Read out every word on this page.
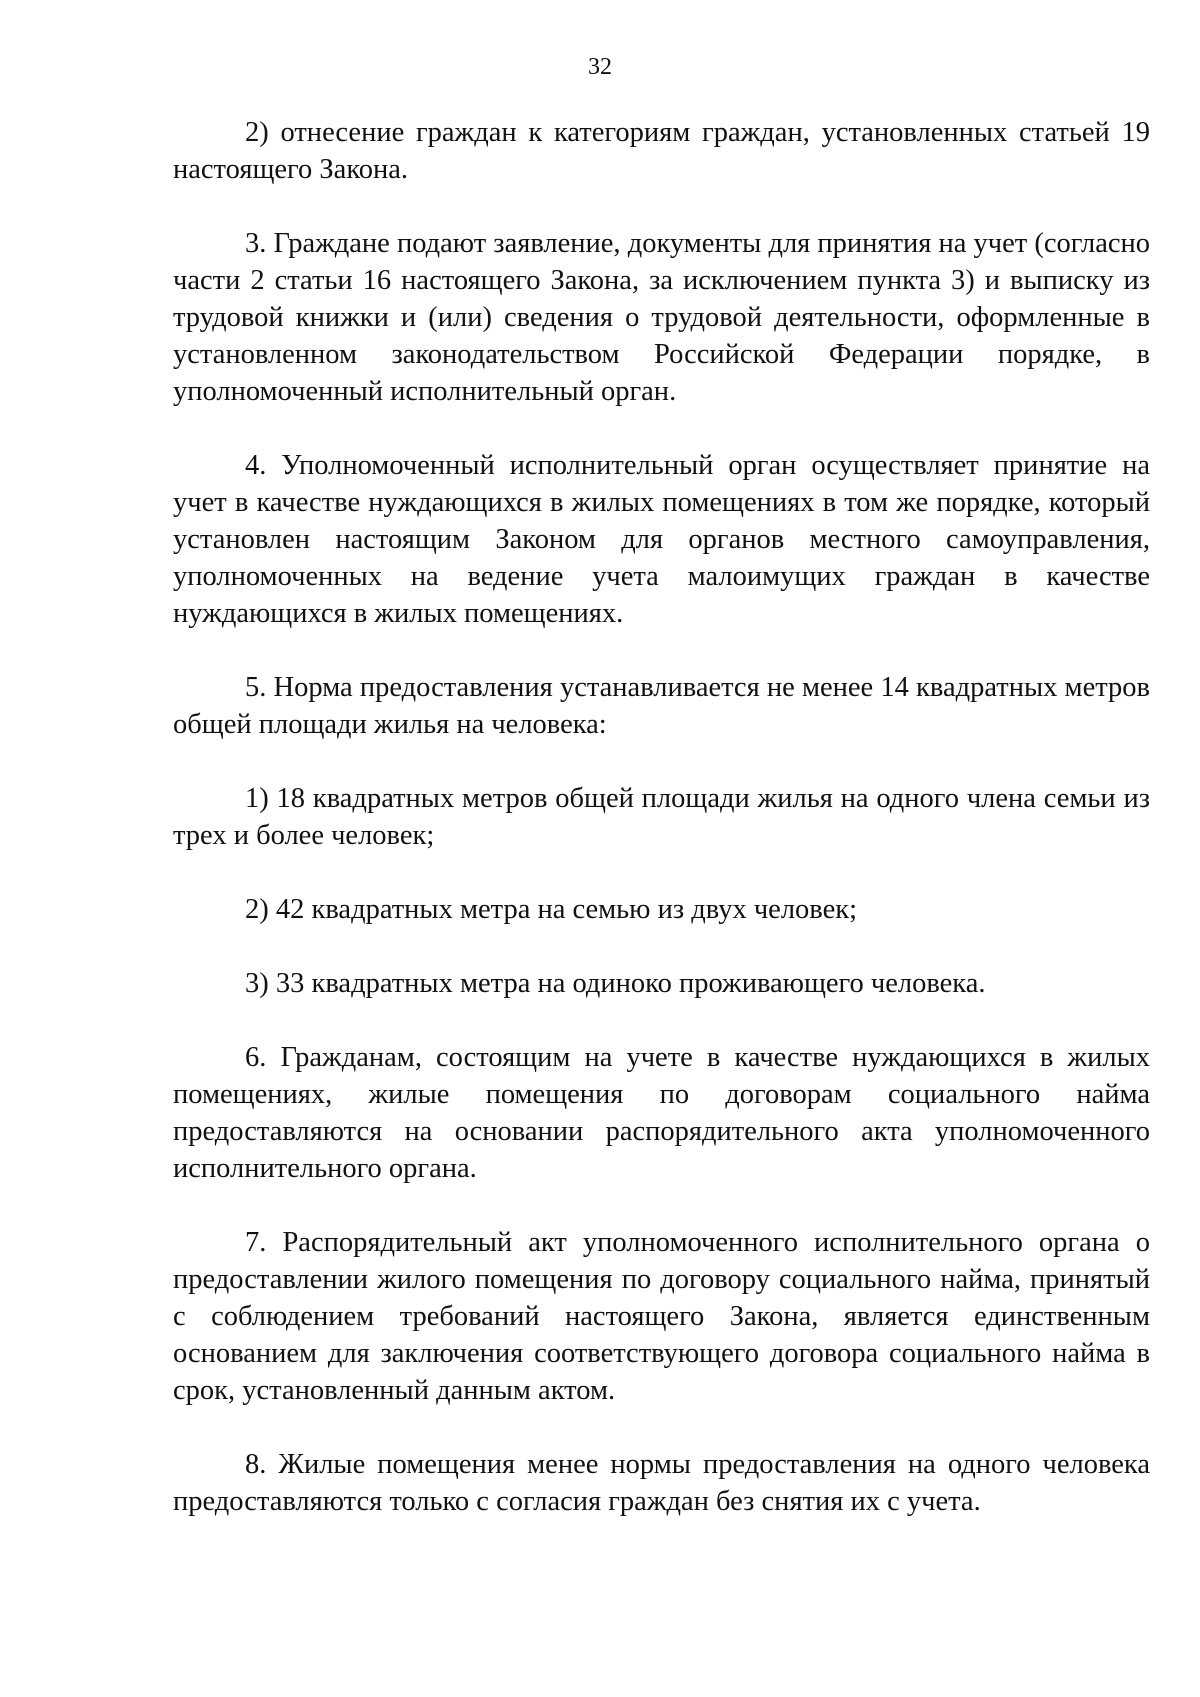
32

2) отнесение граждан к категориям граждан, установленных статьей 19 настоящего Закона.

3. Граждане подают заявление, документы для принятия на учет (согласно части 2 статьи 16 настоящего Закона, за исключением пункта 3) и выписку из трудовой книжки и (или) сведения о трудовой деятельности, оформленные в установленном законодательством Российской Федерации порядке, в уполномоченный исполнительный орган.

4. Уполномоченный исполнительный орган осуществляет принятие на учет в качестве нуждающихся в жилых помещениях в том же порядке, который установлен настоящим Законом для органов местного самоуправления, уполномоченных на ведение учета малоимущих граждан в качестве нуждающихся в жилых помещениях.

5. Норма предоставления устанавливается не менее 14 квадратных метров общей площади жилья на человека:

1) 18 квадратных метров общей площади жилья на одного члена семьи из трех и более человек;

2) 42 квадратных метра на семью из двух человек;

3) 33 квадратных метра на одиноко проживающего человека.

6. Гражданам, состоящим на учете в качестве нуждающихся в жилых помещениях, жилые помещения по договорам социального найма предоставляются на основании распорядительного акта уполномоченного исполнительного органа.

7. Распорядительный акт уполномоченного исполнительного органа о предоставлении жилого помещения по договору социального найма, принятый с соблюдением требований настоящего Закона, является единственным основанием для заключения соответствующего договора социального найма в срок, установленный данным актом.

8. Жилые помещения менее нормы предоставления на одного человека предоставляются только с согласия граждан без снятия их с учета.
